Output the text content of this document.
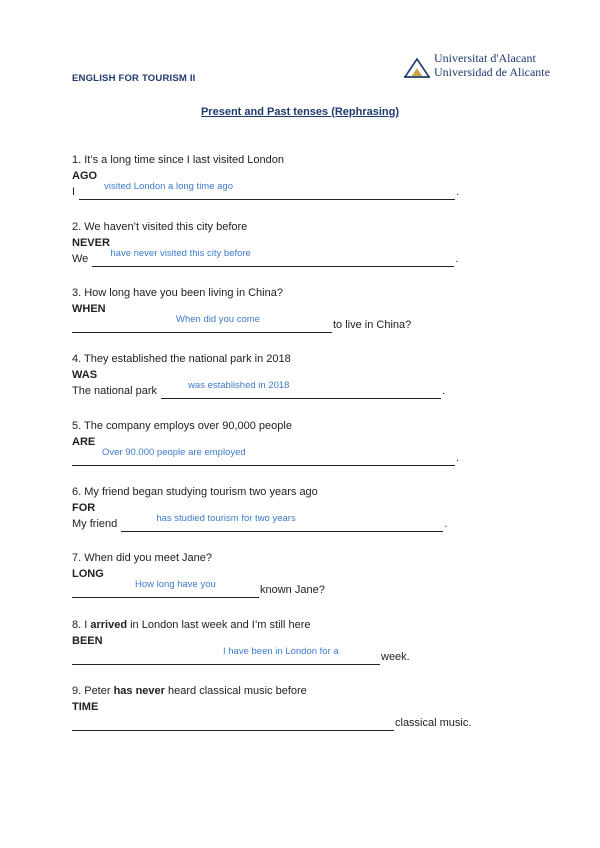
ENGLISH FOR TOURISM II
Universitat d'Alacant
Universidad de Alicante
Present and Past tenses (Rephrasing)
1. It’s a long time since I last visited London
AGO
I	visited London a long time ago	.
2. We haven’t visited this city before
NEVER
We have never visited this city before	.
3. How long have you been living in China?
WHEN
When did you come	to live in China?
4. They established the national park in 2018
WAS
The national park	was established in 2018	.
5. The company employs over 90,000 people
ARE
Over 90.000 people are employed	.
6. My friend began studying tourism two years ago
FOR
My friend	has studied tourism for two years	.
7. When did you meet Jane?
LONG
How long have you	known Jane?
8. I arrived in London last week and I’m still here
BEEN
I have been in London for a	week.
9. Peter has never heard classical music before
TIME
classical music.
